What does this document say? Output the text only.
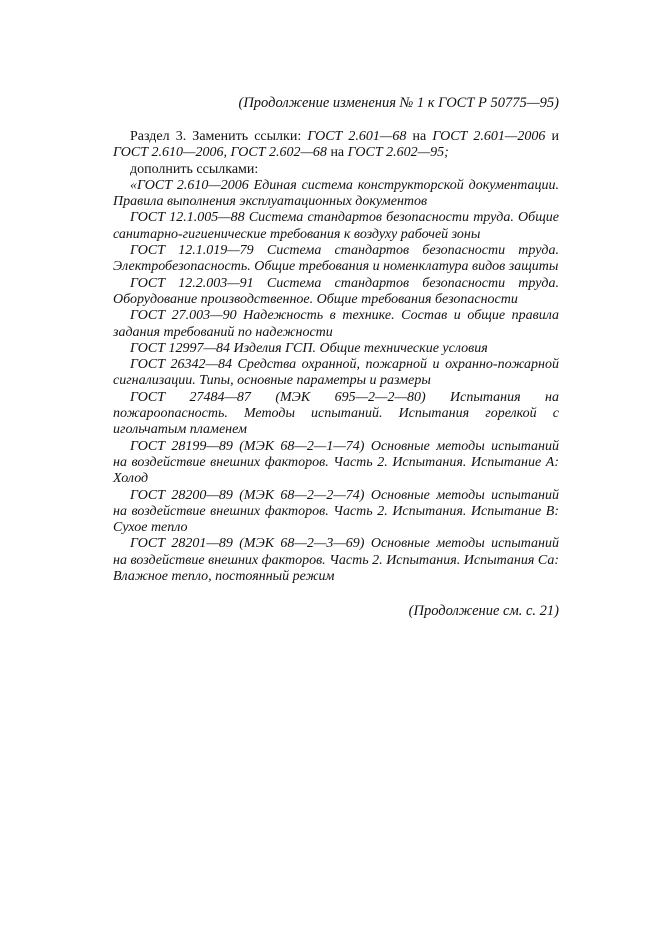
(Продолжение изменения № 1 к ГОСТ Р 50775—95)

Раздел 3. Заменить ссылки: ГОСТ 2.601—68 на ГОСТ 2.601—2006 и ГОСТ 2.610—2006, ГОСТ 2.602—68 на ГОСТ 2.602—95;

дополнить ссылками:

«ГОСТ 2.610—2006 Единая система конструкторской документации. Правила выполнения эксплуатационных документов

ГОСТ 12.1.005—88 Система стандартов безопасности труда. Общие санитарно-гигиенические требования к воздуху рабочей зоны

ГОСТ 12.1.019—79 Система стандартов безопасности труда. Электробезопасность. Общие требования и номенклатура видов защиты

ГОСТ 12.2.003—91 Система стандартов безопасности труда. Оборудование производственное. Общие требования безопасности

ГОСТ 27.003—90 Надежность в технике. Состав и общие правила задания требований по надежности

ГОСТ 12997—84 Изделия ГСП. Общие технические условия

ГОСТ 26342—84 Средства охранной, пожарной и охранно-пожарной сигнализации. Типы, основные параметры и размеры

ГОСТ 27484—87 (МЭК 695—2—2—80) Испытания на пожароопасность. Методы испытаний. Испытания горелкой с игольчатым пламенем

ГОСТ 28199—89 (МЭК 68—2—1—74) Основные методы испытаний на воздействие внешних факторов. Часть 2. Испытания. Испытание А: Холод

ГОСТ 28200—89 (МЭК 68—2—2—74) Основные методы испытаний на воздействие внешних факторов. Часть 2. Испытания. Испытание В: Сухое тепло

ГОСТ 28201—89 (МЭК 68—2—3—69) Основные методы испытаний на воздействие внешних факторов. Часть 2. Испытания. Испытания Са: Влажное тепло, постоянный режим

(Продолжение см. с. 21)
